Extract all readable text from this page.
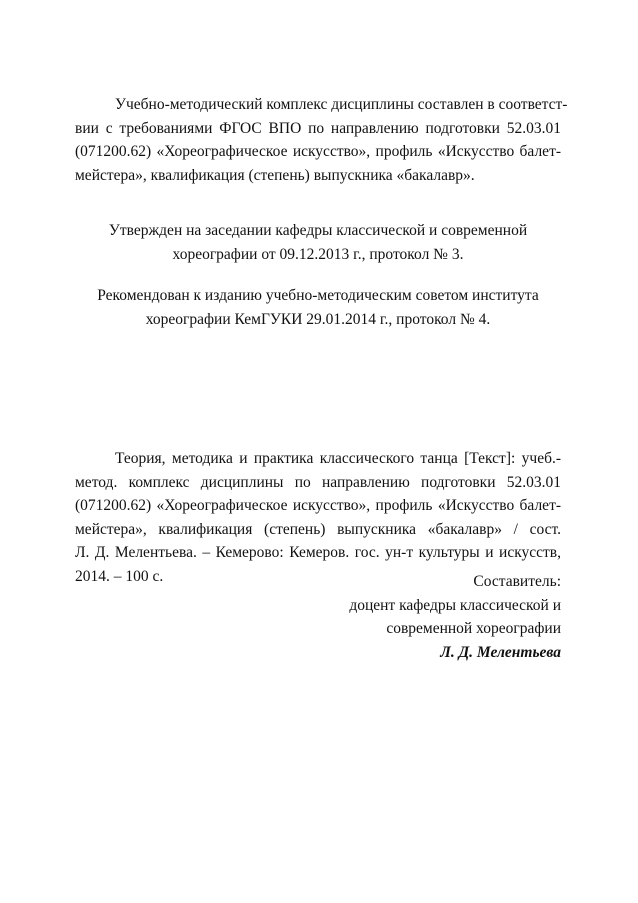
Учебно-методический комплекс дисциплины составлен в соответст-
вии с требованиями ФГОС ВПО по направлению подготовки 52.03.01
(071200.62) «Хореографическое искусство», профиль «Искусство балет-
мейстера», квалификация (степень) выпускника «бакалавр».
Утвержден на заседании кафедры классической и современной
хореографии от 09.12.2013 г., протокол № 3.
Рекомендован к изданию учебно-методическим советом института
хореографии КемГУКИ 29.01.2014 г., протокол № 4.
Теория, методика и практика классического танца [Текст]: учеб.-
метод. комплекс дисциплины по направлению подготовки 52.03.01
(071200.62) «Хореографическое искусство», профиль «Искусство балет-
мейстера», квалификация (степень) выпускника «бакалавр» / сост.
Л. Д. Мелентьева. – Кемерово: Кемеров. гос. ун-т культуры и искусств,
2014. – 100 с.	Составитель:
доцент кафедры классической и
современной хореографии
Л. Д. Мелентьева
